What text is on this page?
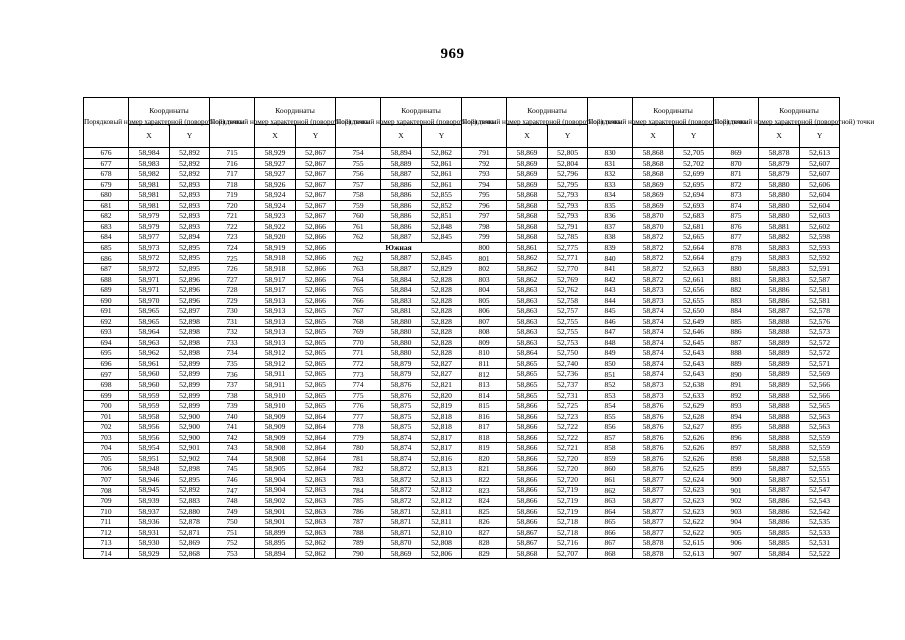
969
Порядковый номер характерной (поворотной) точки	Координаты		Порядковый номер характерной (поворотной) точки	Координаты		Порядковый номер характерной (поворотной) точки	Координаты		Порядковый номер характерной (поворотной) точки	Координаты		Порядковый номер характерной (поворотной) точки	Координаты		Порядковый номер характерной (поворотной) точки	Координаты	
	X	Y		X	Y		X	Y		X	Y		X	Y		X	Y
676	58,984	52,892	715	58,929	52,867	754	58,894	52,862	791	58,869	52,805	830	58,868	52,705	869	58,878	52,613
677	58,983	52,892	716	58,927	52,867	755	58,889	52,861	792	58,869	52,804	831	58,868	52,702	870	58,879	52,607
678	58,982	52,892	717	58,927	52,867	756	58,887	52,861	793	58,869	52,796	832	58,868	52,699	871	58,879	52,607
679	58,981	52,893	718	58,926	52,867	757	58,886	52,861	794	58,869	52,795	833	58,869	52,695	872	58,880	52,606
680	58,981	52,893	719	58,924	52,867	758	58,886	52,855	795	58,868	52,793	834	58,869	52,694	873	58,880	52,604
681	58,981	52,893	720	58,924	52,867	759	58,886	52,852	796	58,868	52,793	835	58,869	52,693	874	58,880	52,604
682	58,979	52,893	721	58,923	52,867	760	58,886	52,851	797	58,868	52,793	836	58,870	52,683	875	58,880	52,603
683	58,979	52,893	722	58,922	52,866	761	58,886	52,848	798	58,868	52,791	837	58,870	52,681	876	58,881	52,602
684	58,977	52,894	723	58,920	52,866	762	58,887	52,845	799	58,868	52,785	838	58,872	52,665	877	58,882	52,598
685	58,973	52,895	724	58,919	52,866	Южная			800	58,861	52,775	839	58,872	52,664	878	58,883	52,593
686	58,972	52,895	725	58,918	52,866	762	58,887	52,845	801	58,862	52,771	840	58,872	52,664	879	58,883	52,592
687	58,972	52,895	726	58,918	52,866	763	58,887	52,829	802	58,862	52,770	841	58,872	52,663	880	58,883	52,591
688	58,971	52,896	727	58,917	52,866	764	58,884	52,828	803	58,862	52,769	842	58,872	52,661	881	58,883	52,587
689	58,971	52,896	728	58,917	52,866	765	58,884	52,828	804	58,863	52,762	843	58,873	52,656	882	58,886	52,581
690	58,970	52,896	729	58,913	52,866	766	58,883	52,828	805	58,863	52,758	844	58,873	52,655	883	58,886	52,581
691	58,965	52,897	730	58,913	52,865	767	58,881	52,828	806	58,863	52,757	845	58,874	52,650	884	58,887	52,578
692	58,965	52,898	731	58,913	52,865	768	58,880	52,828	807	58,863	52,755	846	58,874	52,649	885	58,888	52,576
693	58,964	52,898	732	58,913	52,865	769	58,880	52,828	808	58,863	52,755	847	58,874	52,646	886	58,888	52,573
694	58,963	52,898	733	58,913	52,865	770	58,880	52,828	809	58,863	52,753	848	58,874	52,645	887	58,889	52,572
695	58,962	52,898	734	58,912	52,865	771	58,880	52,828	810	58,864	52,750	849	58,874	52,643	888	58,889	52,572
696	58,961	52,899	735	58,912	52,865	772	58,879	52,827	811	58,865	52,740	850	58,874	52,643	889	58,889	52,571
697	58,960	52,899	736	58,911	52,865	773	58,879	52,827	812	58,865	52,736	851	58,874	52,643	890	58,889	52,569
698	58,960	52,899	737	58,911	52,865	774	58,876	52,821	813	58,865	52,737	852	58,873	52,638	891	58,889	52,566
699	58,959	52,899	738	58,910	52,865	775	58,876	52,820	814	58,865	52,731	853	58,873	52,633	892	58,888	52,566
700	58,959	52,899	739	58,910	52,865	776	58,875	52,819	815	58,866	52,725	854	58,876	52,629	893	58,888	52,565
701	58,958	52,900	740	58,909	52,864	777	58,875	52,818	816	58,866	52,723	855	58,876	52,628	894	58,888	52,563
702	58,956	52,900	741	58,909	52,864	778	58,875	52,818	817	58,866	52,722	856	58,876	52,627	895	58,888	52,563
703	58,956	52,900	742	58,909	52,864	779	58,874	52,817	818	58,866	52,722	857	58,876	52,626	896	58,888	52,559
704	58,954	52,901	743	58,908	52,864	780	58,874	52,817	819	58,866	52,721	858	58,876	52,626	897	58,888	52,559
705	58,951	52,902	744	58,908	52,864	781	58,874	52,816	820	58,866	52,720	859	58,876	52,626	898	58,888	52,558
706	58,948	52,898	745	58,905	52,864	782	58,872	52,813	821	58,866	52,720	860	58,876	52,625	899	58,887	52,555
707	58,946	52,895	746	58,904	52,863	783	58,872	52,813	822	58,866	52,720	861	58,877	52,624	900	58,887	52,551
708	58,945	52,892	747	58,904	52,863	784	58,872	52,812	823	58,866	52,719	862	58,877	52,623	901	58,887	52,547
709	58,939	52,883	748	58,902	52,863	785	58,872	52,812	824	58,866	52,719	863	58,877	52,623	902	58,886	52,543
710	58,937	52,880	749	58,901	52,863	786	58,871	52,811	825	58,866	52,719	864	58,877	52,623	903	58,886	52,542
711	58,936	52,878	750	58,901	52,863	787	58,871	52,811	826	58,866	52,718	865	58,877	52,622	904	58,886	52,535
712	58,931	52,871	751	58,899	52,863	788	58,871	52,810	827	58,867	52,718	866	58,877	52,622	905	58,885	52,533
713	58,930	52,869	752	58,895	52,862	789	58,870	52,808	828	58,867	52,716	867	58,878	52,615	906	58,885	52,531
714	58,929	52,868	753	58,894	52,862	790	58,869	52,806	829	58,868	52,707	868	58,878	52,613	907	58,884	52,522
